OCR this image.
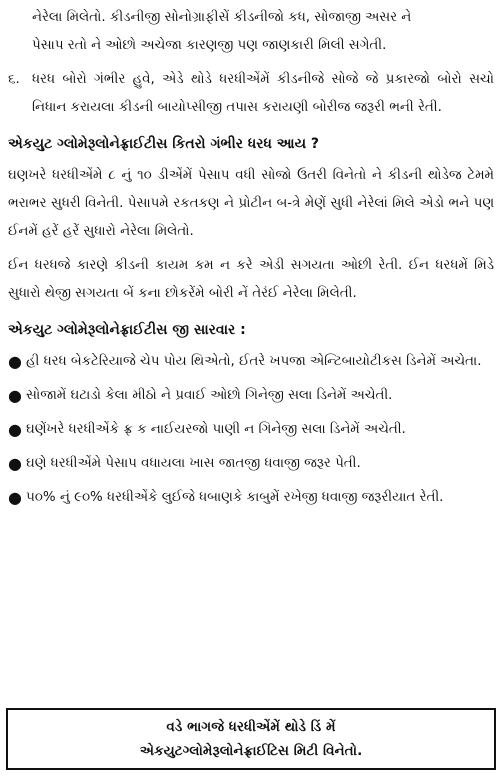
નેરેલા મિલેતો. કીડનીજી સોનોગ્રાફીસેં કીડનીજો કધ, સોજાજી અસર ને

પેસાપ રતો ને ઓછો અચેજા કારણજી પણ જાણકારી મિલી સગેતી.

૬. ધરધ બોરો ગંભીર હુવે, એડે થોડે ધરધીએંમેં કીડનીજે સોજે જે પ્રકારજો બોરો સચો નિધાન કરાયલા કીડની બાયોપ્સીજી તપાસ કરાયણી બોરીજ જરૂરી ભની રેતી.

એકયુટ ગ્લોમેરૂલોનેફ્રાઈટીસ કિતરો ગંભીર ધરધ આય ?

ઘણખરે ધરધીએંમે ૮ નું ૧૦ ડીએંમેં પેસાપ વધી સોજો ઉતરી વિનેતો ને કીડની થોડેજ ટેમમે ભરાભર સુધરી વિનેતી. પેસાપમે રકતકણ ને પ્રોટીન બ-ત્રે મેણેં સુધી નેરેલાં મિલે એડો ભને પણ ઈનમેં હરેં હરેં સુધારો નેરેલા મિલેતો.

ઈન ધરધજે કારણે કીડની કાયમ કમ ન કરે એડી સગયતા ઓછી રેતી. ઈન ધરધમેં મિડે સુધારો થેજી સગયતા બેં કના છોકરેંમે બોરી નેં તેરંઈ નેરેલા મિલેતી.

એકયુટ ગ્લોમેરૂલોનેફ્રાઈટીસ જી સારવાર :
● હી ધરધ બેકટેરિયાજે ચેપ પોય થિએતો, ઈતરે ખપજા એન્ટિબાયોટીકસ ડિનેમેં અચેતા.
● સોજામેં ઘટાડો કેલા મીઠો ને પ્રવાઈ ઓછો ગિનેજી સલા ડિનેમેં અચેતી.
● ઘણેંખરે ધરધીએંકે ફ્ર ક નાઈયરજો પાણી ન ગિનેજી સલા ડિનેમેં અચેતી.
● ઘણે ધરધીએંમે પેસાપ વધાયલા ખાસ જાતજી ધવાજી જરૂર પેતી.
● ૫૦% નું ૯૦% ધરધીએંકે લુઈજે ધબાણકે કાબુમેં રખેજી ધવાજી જરૂરીયાત રેતી.
વડે ભાગજે ધરધીએંમેં થોડે ડિં મેં
એકયુટગ્લોમેરૂલોનેફ્રાઈટિસ મિટી વિનેતો.
